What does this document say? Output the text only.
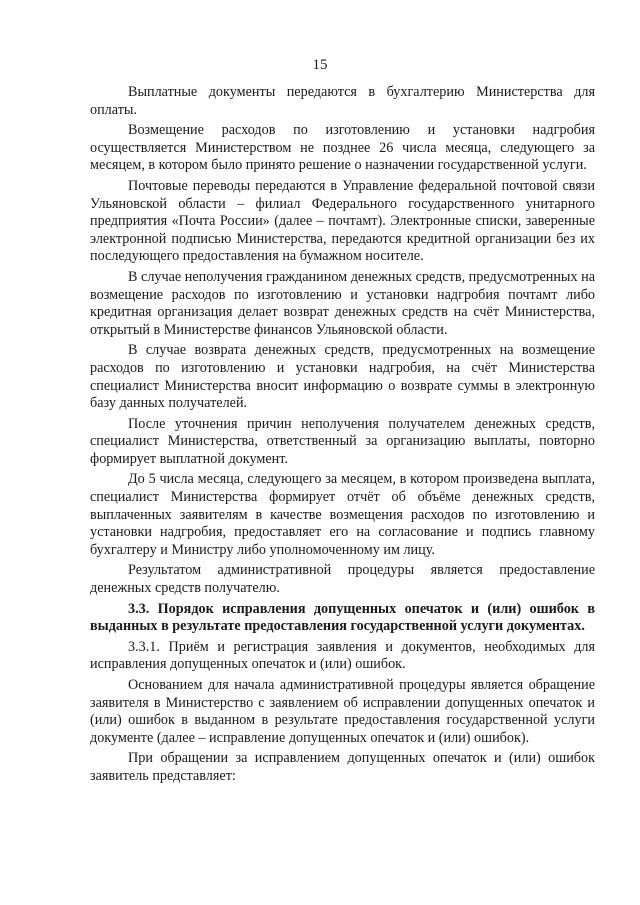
15

Выплатные документы передаются в бухгалтерию Министерства для оплаты.

Возмещение расходов по изготовлению и установки надгробия осуществляется Министерством не позднее 26 числа месяца, следующего за месяцем, в котором было принято решение о назначении государственной услуги.

Почтовые переводы передаются в Управление федеральной почтовой связи Ульяновской области – филиал Федерального государственного унитарного предприятия «Почта России» (далее – почтамт). Электронные списки, заверенные электронной подписью Министерства, передаются кредитной организации без их последующего предоставления на бумажном носителе.

В случае неполучения гражданином денежных средств, предусмотренных на возмещение расходов по изготовлению и установки надгробия почтамт либо кредитная организация делает возврат денежных средств на счёт Министерства, открытый в Министерстве финансов Ульяновской области.

В случае возврата денежных средств, предусмотренных на возмещение расходов по изготовлению и установки надгробия, на счёт Министерства специалист Министерства вносит информацию о возврате суммы в электронную базу данных получателей.

После уточнения причин неполучения получателем денежных средств, специалист Министерства, ответственный за организацию выплаты, повторно формирует выплатной документ.

До 5 числа месяца, следующего за месяцем, в котором произведена выплата, специалист Министерства формирует отчёт об объёме денежных средств, выплаченных заявителям в качестве возмещения расходов по изготовлению и установки надгробия, предоставляет его на согласование и подпись главному бухгалтеру и Министру либо уполномоченному им лицу.

Результатом административной процедуры является предоставление денежных средств получателю.

3.3. Порядок исправления допущенных опечаток и (или) ошибок в выданных в результате предоставления государственной услуги документах.

3.3.1. Приём и регистрация заявления и документов, необходимых для исправления допущенных опечаток и (или) ошибок.

Основанием для начала административной процедуры является обращение заявителя в Министерство с заявлением об исправлении допущенных опечаток и (или) ошибок в выданном в результате предоставления государственной услуги документе (далее – исправление допущенных опечаток и (или) ошибок).

При обращении за исправлением допущенных опечаток и (или) ошибок заявитель представляет:
